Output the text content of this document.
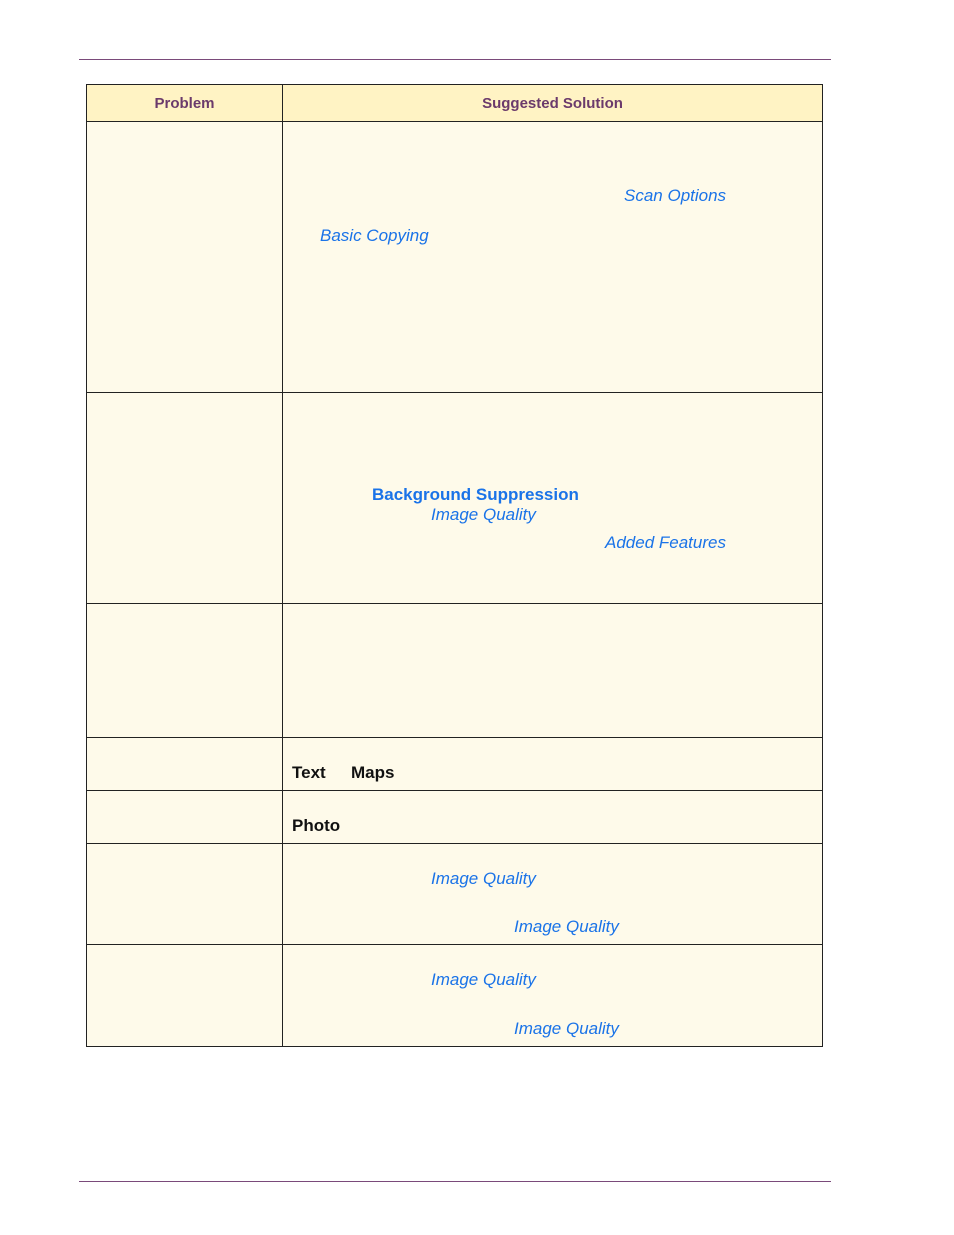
Problem	Suggested Solution

	Scan Options
Basic Copying

	Background Suppression
Image Quality
Added Features

	Text Maps

	Photo

	Image Quality
Image Quality

	Image Quality
Image Quality
